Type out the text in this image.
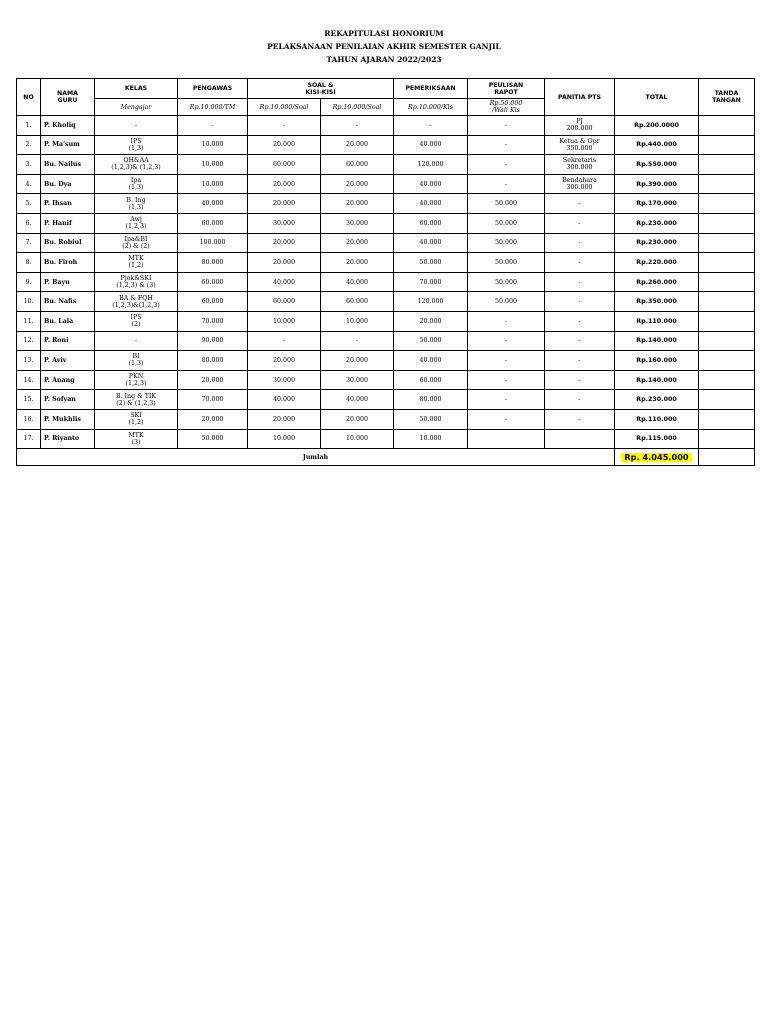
REKAPITULASI HONORIUM
PELAKSANAAN PENILAIAN AKHIR SEMESTER GANJIL
TAHUN AJARAN 2022/2023
NO	NAMA
GURU	KELAS	PENGAWAS	SOAL &
KISI-KISI		PEMERIKSAAN	PEULISAN
RAPOT	PANITIA PTS	TOTAL	TANDA
TANGAN

		Mengajar	Rp.10.000/TM	Rp.10.000/Soal	Rp.10.000/Soal	Rp.10.000/Kls	Rp.50.000
/Wali Kls			

1.	P. Kholiq	-	-	-	-	-	-	PJ
200.000	Rp.200.0000	

2.	P. Ma'sum	IPS
(1,3)	10.000	20.000	20.000	40.000	-	Ketua & Opr
350.000	Rp.440.000	

3.	Bu. Nailus	QH&AA
(1,2,3)& (1,2,3)	10.000	60.000	60.000	120.000	-	Sekretaris
300.000	Rp.550.000	

4.	Bu. Dya	Ipa
(1,3)	10.000	20.000	20.000	40.000	-	Bendahara
300.000	Rp.390.000	

5.	P. Ihsan	B. Ing
(1,3)	40.000	20.000	20.000	40.000	50.000	-	Rp.170.000	

6.	P. Hanif	Awj
(1,2,3)	60.000	30.000	30.000	60.000	50.000	-	Rp.230.000	

7.	Bu. Robiul	Ipa&BI
(2) & (2)	100.000	20.000	20.000	40.000	50.000	-	Rp.230.000	

8.	Bu. Firoh	MTK
(1,2)	80.000	20.000	20.000	50.000	50.000	-	Rp.220.000	

9.	P. Bayu	Pjok&SKI
(1,2,3) & (3)	60.000	40.000	40.000	70.000	50.000	-	Rp.260.000	

10.	Bu. Nafis	BA & FQH
(1,2,3)&(1,2,3)	60.000	60.000	60.000	120.000	50.000	-	Rp.350.000	

11.	Bu. Lala	IPS
(2)	70.000	10.000	10.000	20.000	-	-	Rp.110.000	

12.	P. Roni	-	90.000	-	-	50.000	-	-	Rp.140.000	

13.	P. Aviv	BI
(1,3)	80.000	20.000	20.000	40.000	-	-	Rp.160.000	

14.	P. Anang	PKN
(1,2,3)	20.000	30.000	30.000	60.000	-	-	Rp.140.000	

15.	P. Sofyan	B. Ing & TIK
(2) & (1,2,3)	70.000	40.000	40.000	80.000	-	-	Rp.230.000	

16.	P. Mukhlis	SKI
(1,2)	20.000	20.000	20.000	50.000	-	-	Rp.110.000	

17.	P. Riyanto	MTK
(3)	50.000	10.000	10.000	10.000			Rp.115.000	

Jumlah									Rp. 4.045.000	
